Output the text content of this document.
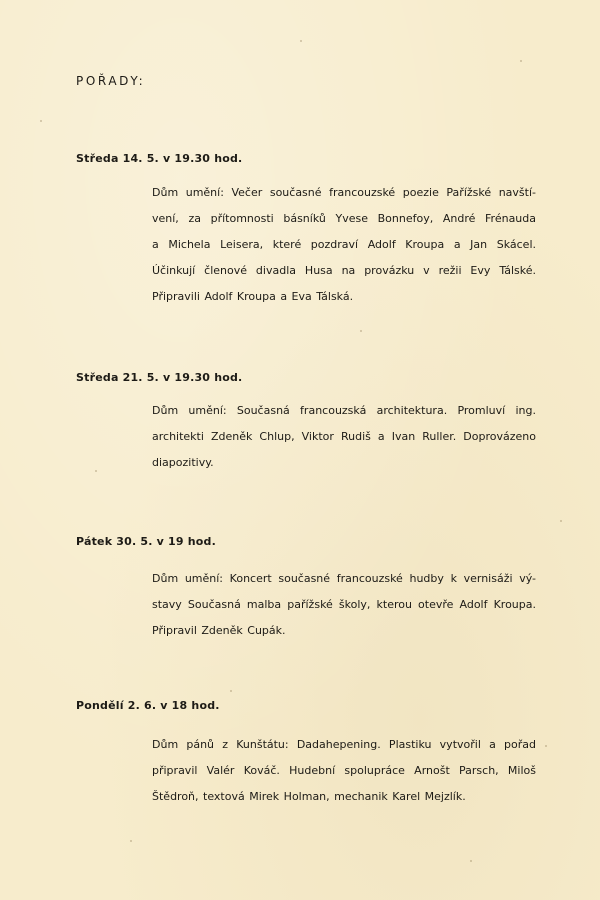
POŘADY:
Středa 14. 5. v 19.30 hod.
Dům umění: Večer současné francouzské poezie Pařížské navští-
vení, za přítomnosti básníků Yvese Bonnefoy, André Frénauda
a Michela Leisera, které pozdraví Adolf Kroupa a Jan Skácel.
Účinkují členové divadla Husa na provázku v režii Evy Tálské.
Připravili Adolf Kroupa a Eva Tálská.
Středa 21. 5. v 19.30 hod.
Dům umění: Současná francouzská architektura. Promluví ing.
architekti Zdeněk Chlup, Viktor Rudiš a Ivan Ruller. Doprovázeno
diapozitivy.
Pátek 30. 5. v 19 hod.
Dům umění: Koncert současné francouzské hudby k vernisáži vý-
stavy Současná malba pařížské školy, kterou otevře Adolf Kroupa.
Připravil Zdeněk Cupák.
Pondělí 2. 6. v 18 hod.
Dům pánů z Kunštátu: Dadahepening. Plastiku vytvořil a pořad
připravil Valér Kováč. Hudební spolupráce Arnošt Parsch, Miloš
Štědroň, textová Mirek Holman, mechanik Karel Mejzlík.
